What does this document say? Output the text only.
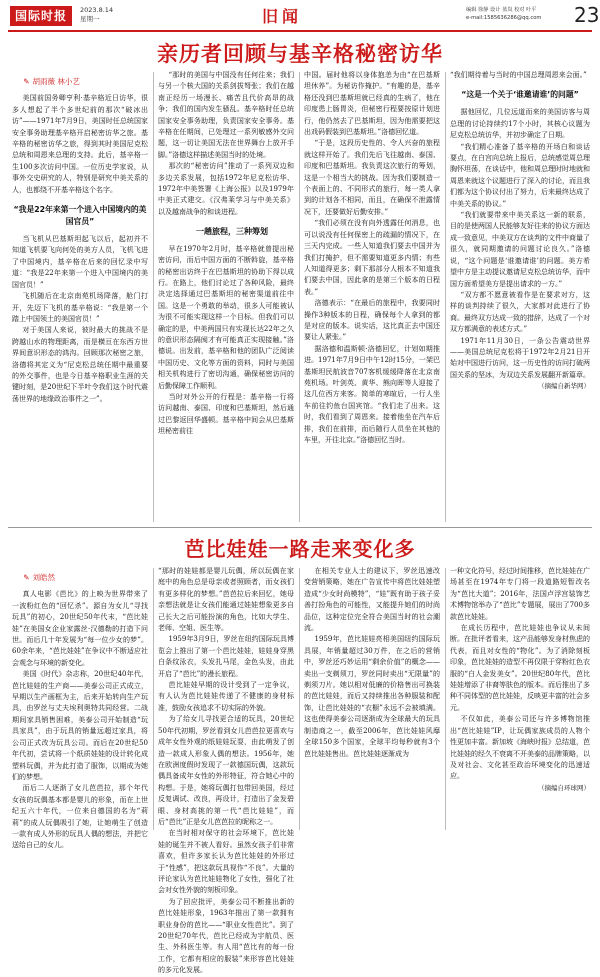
国际时报	2023.8.14
星期一	旧闻	编辑 徐静 设计 蓝岚 校对 叶平
e-mail:1585636286@qq.com	23
亲历者回顾与基辛格秘密访华

✎ 胡雨薇 林小艺

美国前国务卿亨利·基辛格近日访华，很多人想起了半个多世纪前的那次“破冰出访”——1971年7月9日，美国时任总统国家安全事务助理基辛格开启秘密访华之旅。基辛格的秘密访华之旅，得到其时美国尼克松总统和周恩来总理的支持。此后，基辛格一生100多次访问中国。一位历史学家说，从事外交史研究的人，特别是研究中美关系的人，也都绕不开基辛格这个名字。

“我是22年来第一个进入中国境内的美国官员”

当飞机从巴基斯坦起飞以后，起初并不知道飞机要飞向何处的美方人员，飞机飞进了中国境内，基辛格在后来的回忆录中写道：“我是22年来第一个进入中国境内的美国官员！”

飞机随后在北京南苑机场降落，舱门打开，先迈下飞机的基辛格说：“我是第一个踏上中国领土的美国官员！”

对于美国人来说，彼时最大的挑战不是跨越山水的物理距离，而是横亘在东西方世界间意识形态的鸿沟。回顾那次秘密之旅，洛德将其定义为“尼克松总统任期中最重要的外交事件，也是今日基辛格职业生涯的关键时刻，是20世纪下半叶令我们这个时代震荡世界的地缘政治事件之一”。

“那时的美国与中国没有任何往来；我们与另一个核大国的关系剑拔弩张；我们在越南正经历一场漫长、痛苦且代价高昂的战争；我们的国内发生骚乱。基辛格时任总统国家安全事务助理，负责国家安全事务。基辛格在任期间，已处理过一系列敏感外交问题，这一切让美国无法在世界舞台上放开手脚。”洛德这样描述美国当时的处境。

那次的“秘密访问”推动了一系列双边和多边关系发展，包括1972年尼克松访华、1972年中美签署《上海公报》以及1979年中美正式建交。《汉弗莱学习与中美关系》以及越南战争的和谈进程。

一趟旅程，三种筹划

早在1970年2月时，基辛格就曾提出秘密访问，而后中国方面的不断斡旋，基辛格的秘密出访终于在巴基斯坦的协助下得以成行。在路上，他们讨论过了各种风险，最终决定选择通过巴基斯坦的秘密渠道前往中国。这是一个勇敢的举动，很多人可能被认为很不可能实现这样一个目标。但我们可以确定的是，中美两国只有实现长达22年之久的意识形态隔阂才有可能真正实现接触。”洛德说。出发前，基辛格和他的团队广泛阅读中国历史、文化等方面的资料，同时与美国相关机构进行了密切沟通，确保秘密访问的后勤保障工作顺利。

当时对外公开的行程是：基辛格一行将访问越南、泰国、印度和巴基斯坦，然后通过巴黎返回华盛顿。基辛格中间会从巴基斯坦秘密前往

中国。届时他将以身体抱恙为由“在巴基斯坦休养”。为秘访作掩护。“有趣的是，基辛格还没到巴基斯坦就已经真的生病了，他在印度患上肠胃炎，但秘密行程要按原计划进行，他仍然去了巴基斯坦，因为他需要把这出戏码假装到巴基斯坦。”洛德回忆道。

“于是，这段历史性的、令人兴奋的旅程就这样开始了。我们先后飞往越南、泰国、印度和巴基斯坦。我负责这次旅行的筹划，这是一个相当大的挑战。因为我们要制造一个表面上的、不同形式的旅行，每一类人拿到的计划各不相同，而且，在确保不泄露情况下，还要做好后勤安排。”

“我们必须在没有向外透露任何消息，也可以说没有任何保密上的疏漏的情况下，在三天内完成。一些人知道我们要去中国并为我们打掩护，但不需要知道更多内情；有些人知道得更多；剩下那部分人根本不知道我们要去中国，因此拿的是第三个版本的日程表。”

洛德表示：“在最后的旅程中，我要同时操作3种版本的日程，确保每个人拿到的都是对应的版本。说实话，这比真正去中国还要让人紧张。”

据洛德和温斯顿·洛德回忆，计划如期推进。1971年7月9日中午12时15分，一架巴基斯坦民航波音707客机缓缓降落在北京南苑机场。叶剑英、黄华、熊向晖等人迎接了这几位西方来客。简单的寒暄后，一行人坐车前往钓鱼台国宾馆。“我们走了出来。这时，我们看到了周恩来。接着他坐在汽车后排，我们在前排，而后随行人员坐在其他的车里，开往北京。”洛德回忆当时。

“我们期待着与当时的中国总理周恩来会面。”

“这是一个关于‘谁邀请谁’的问题”

据他回忆，几位远道而来的美国访客与周总理的讨论持续约17个小时，其核心议题为尼克松总统访华，并初步确定了日期。

“我们精心准备了基辛格的开场白和谈话要点，在白宫向总统上报后，总统感觉周总理胸怀坦荡，在谈话中，他和周总理时时地就和周恩来就这个议题进行了深入的讨论，而且我们都为这个协议付出了努力，后来最终达成了中美关系的协议。”

“我们就要带来中美关系这一新的联系，目的是使两国人民能够友好往来的协议方面达成一致意见，中美双方在谈判的文件中商量了很久，就同期邀请的问题讨论良久。”洛德说，“这个问题是‘谁邀请谁’的问题。美方希望中方是主动提议邀请尼克松总统访华，而中国方面希望美方是提出请求的一方。”

“双方都不愿意被看作是在要求对方，这样的谈判持续了很久，大家都对此进行了协商。最终双方达成一致的措辞，达成了一个对双方都满意的表述方式。”

1971年11月30日，一条公告震动世界——美国总统尼克松将于1972年2月21日开始对中国进行访问，这一历史性的访问打破两国关系的坚冰，为双边关系发展翻开新篇章。

（摘编自新华网）

芭比娃娃一路走来变化多

✎ 刘皓然

真人电影《芭比》的上映为世界带来了一波粉红色的“回忆杀”。源自为女儿“寻找玩具”的初心，20世纪50年代末，“芭比娃娃”在美国女企业家露丝·汉德勒的打造下问世。而后几十年发展为“每一位少女的梦”。60余年来，“芭比娃娃”在争议中不断适应社会观念与环境的新变化。

美国《时代》杂志称，20世纪40年代，芭比娃娃的生产商——美泰公司正式成立，早期以生产画框为主，后来开始转向生产玩具，由罗丝与丈夫埃利奥特共同经营。二战期间家具销售困难，美泰公司开始制造“玩具家具”，由于玩具的销量远超过家具，将公司正式改为玩具公司。而后在20世纪50年代初，尝试将一个纸质娃娃的设计转化成塑料玩偶，并为此打造了服饰，以期成为她们的梦想。

而后二人逐渐了女儿芭芭拉，那个年代女孩的玩偶基本都是婴儿的形象，而在上世纪五六十年代，一位来自德国的名为“莉莉”的成人玩偶吸引了她，让她萌生了创造一款有成人外形的玩具人偶的想法，并把它送给自己的女儿。

“那时的娃娃都是婴儿玩偶，所以玩偶在家庭中的角色总是母亲或者照顾者，而女孩们有更多样化的梦想。”芭芭拉后来回忆，她母亲想法就是让女孩们能通过娃娃想象更多自己长大之后可能扮演的角色，比如大学生、老师、空姐、医生等。

1959年3月9日，罗丝在纽约国际玩具博览会上推出了第一个芭比娃娃，娃娃身穿黑白条纹泳衣，头发扎马尾，金色头发，由此开启了“芭比”的漫长旅程。

芭比娃娃早期的设计受到了一定争议，有人认为芭比娃娃传递了不健康的身材标准，鼓励女孩追求不切实际的外貌。

为了给女儿寻找更合适的玩具，20世纪50年代初期，罗丝看到女儿芭芭拉更喜欢与成年女性外观的纸娃娃玩耍，由此萌发了创造一款成人形象人偶的想法。1956年，她在欧洲度假时发现了一款德国玩偶，这款玩偶具备成年女性的外形特征，符合她心中的构想。于是，她将玩偶打包带回美国，经过反复调试、改良，再设计，打造出了金发碧眼、身材高挑的第一代“芭比娃娃”，而后“芭比”正是女儿芭芭拉的昵称之一。

在当时相对保守的社会环境下，芭比娃娃的诞生并不被人看好。虽然女孩子们非常喜欢，但许多家长认为芭比娃娃的外形过于“性感”，把这款玩具视作“不良”。大量的评论家认为芭比娃娃物化了女性，强化了社会对女性外貌的刻板印象。

为了回应批评，美泰公司不断推出新的芭比娃娃形象，1963年推出了第一款拥有职业身份的芭比——“职业女性芭比”。到了20世纪70年代，芭比已经成为宇航员、医生、外科医生等。有人用“芭比有的每一份工作，它都有相应的服装”来形容芭比娃娃的多元化发展。

在相关专业人士的建议下，罗丝迅速改变营销策略，她在广告宣传中将芭比娃娃塑造成“少女时尚模特”，“娃”既有助于孩子妥善打扮角色的可能性，又能提升她们的时尚品位，这种定位完全符合美国当时的社会潮流。

1959年，芭比娃娃亮相美国纽约国际玩具展，年销量超过30万件，在之后的营销中，罗丝还巧妙运用“剩余价值”的概念——卖出一支剃须刀，罗丝同时卖出“无限量”的剃须刀片。她以相对低廉的价格售出可换装的芭比娃娃，而后又持续推出各种服装和配饰，让芭比娃娃的“衣橱”永远不会被填满。这也使得美泰公司逐渐成为全球最大的玩具制造商之一，截至2006年，芭比娃娃风靡全球150多个国家，全球平均每秒就有3个芭比娃娃售出。芭比娃娃逐渐成为

一种文化符号，经过时间推移，芭比娃娃在广场甚至在1974年专门将一段道路短暂改名为“芭比大道”；2016年，法国卢浮宫装饰艺术博物馆举办了“芭比”专题展，展出了700多款芭比娃娃。

在成长历程中，芭比娃娃也争议从未间断。在批评者看来，这产品能够发身材焦虑的代表，而且对女性的“物化”。为了消除刻板印象，芭比娃娃的造型不再仅限于穿粉红色衣服的“白人金发美女”。20世纪80年代，芭比娃娃增添了非裔等肤色的版本。而后推出了多种不同体型的芭比娃娃，反映更丰富的社会多元。

不仅如此，美泰公司还与许多博物馆推出“芭比娃娃”IP，让玩偶家族成员的人物个性更加丰富。新加坡《海峡时报》总结道，芭比娃娃的经久不衰离不开美泰的品牌策略，以及对社会、文化甚至政治环境变化的迅速适应。

（摘编自环球网）
